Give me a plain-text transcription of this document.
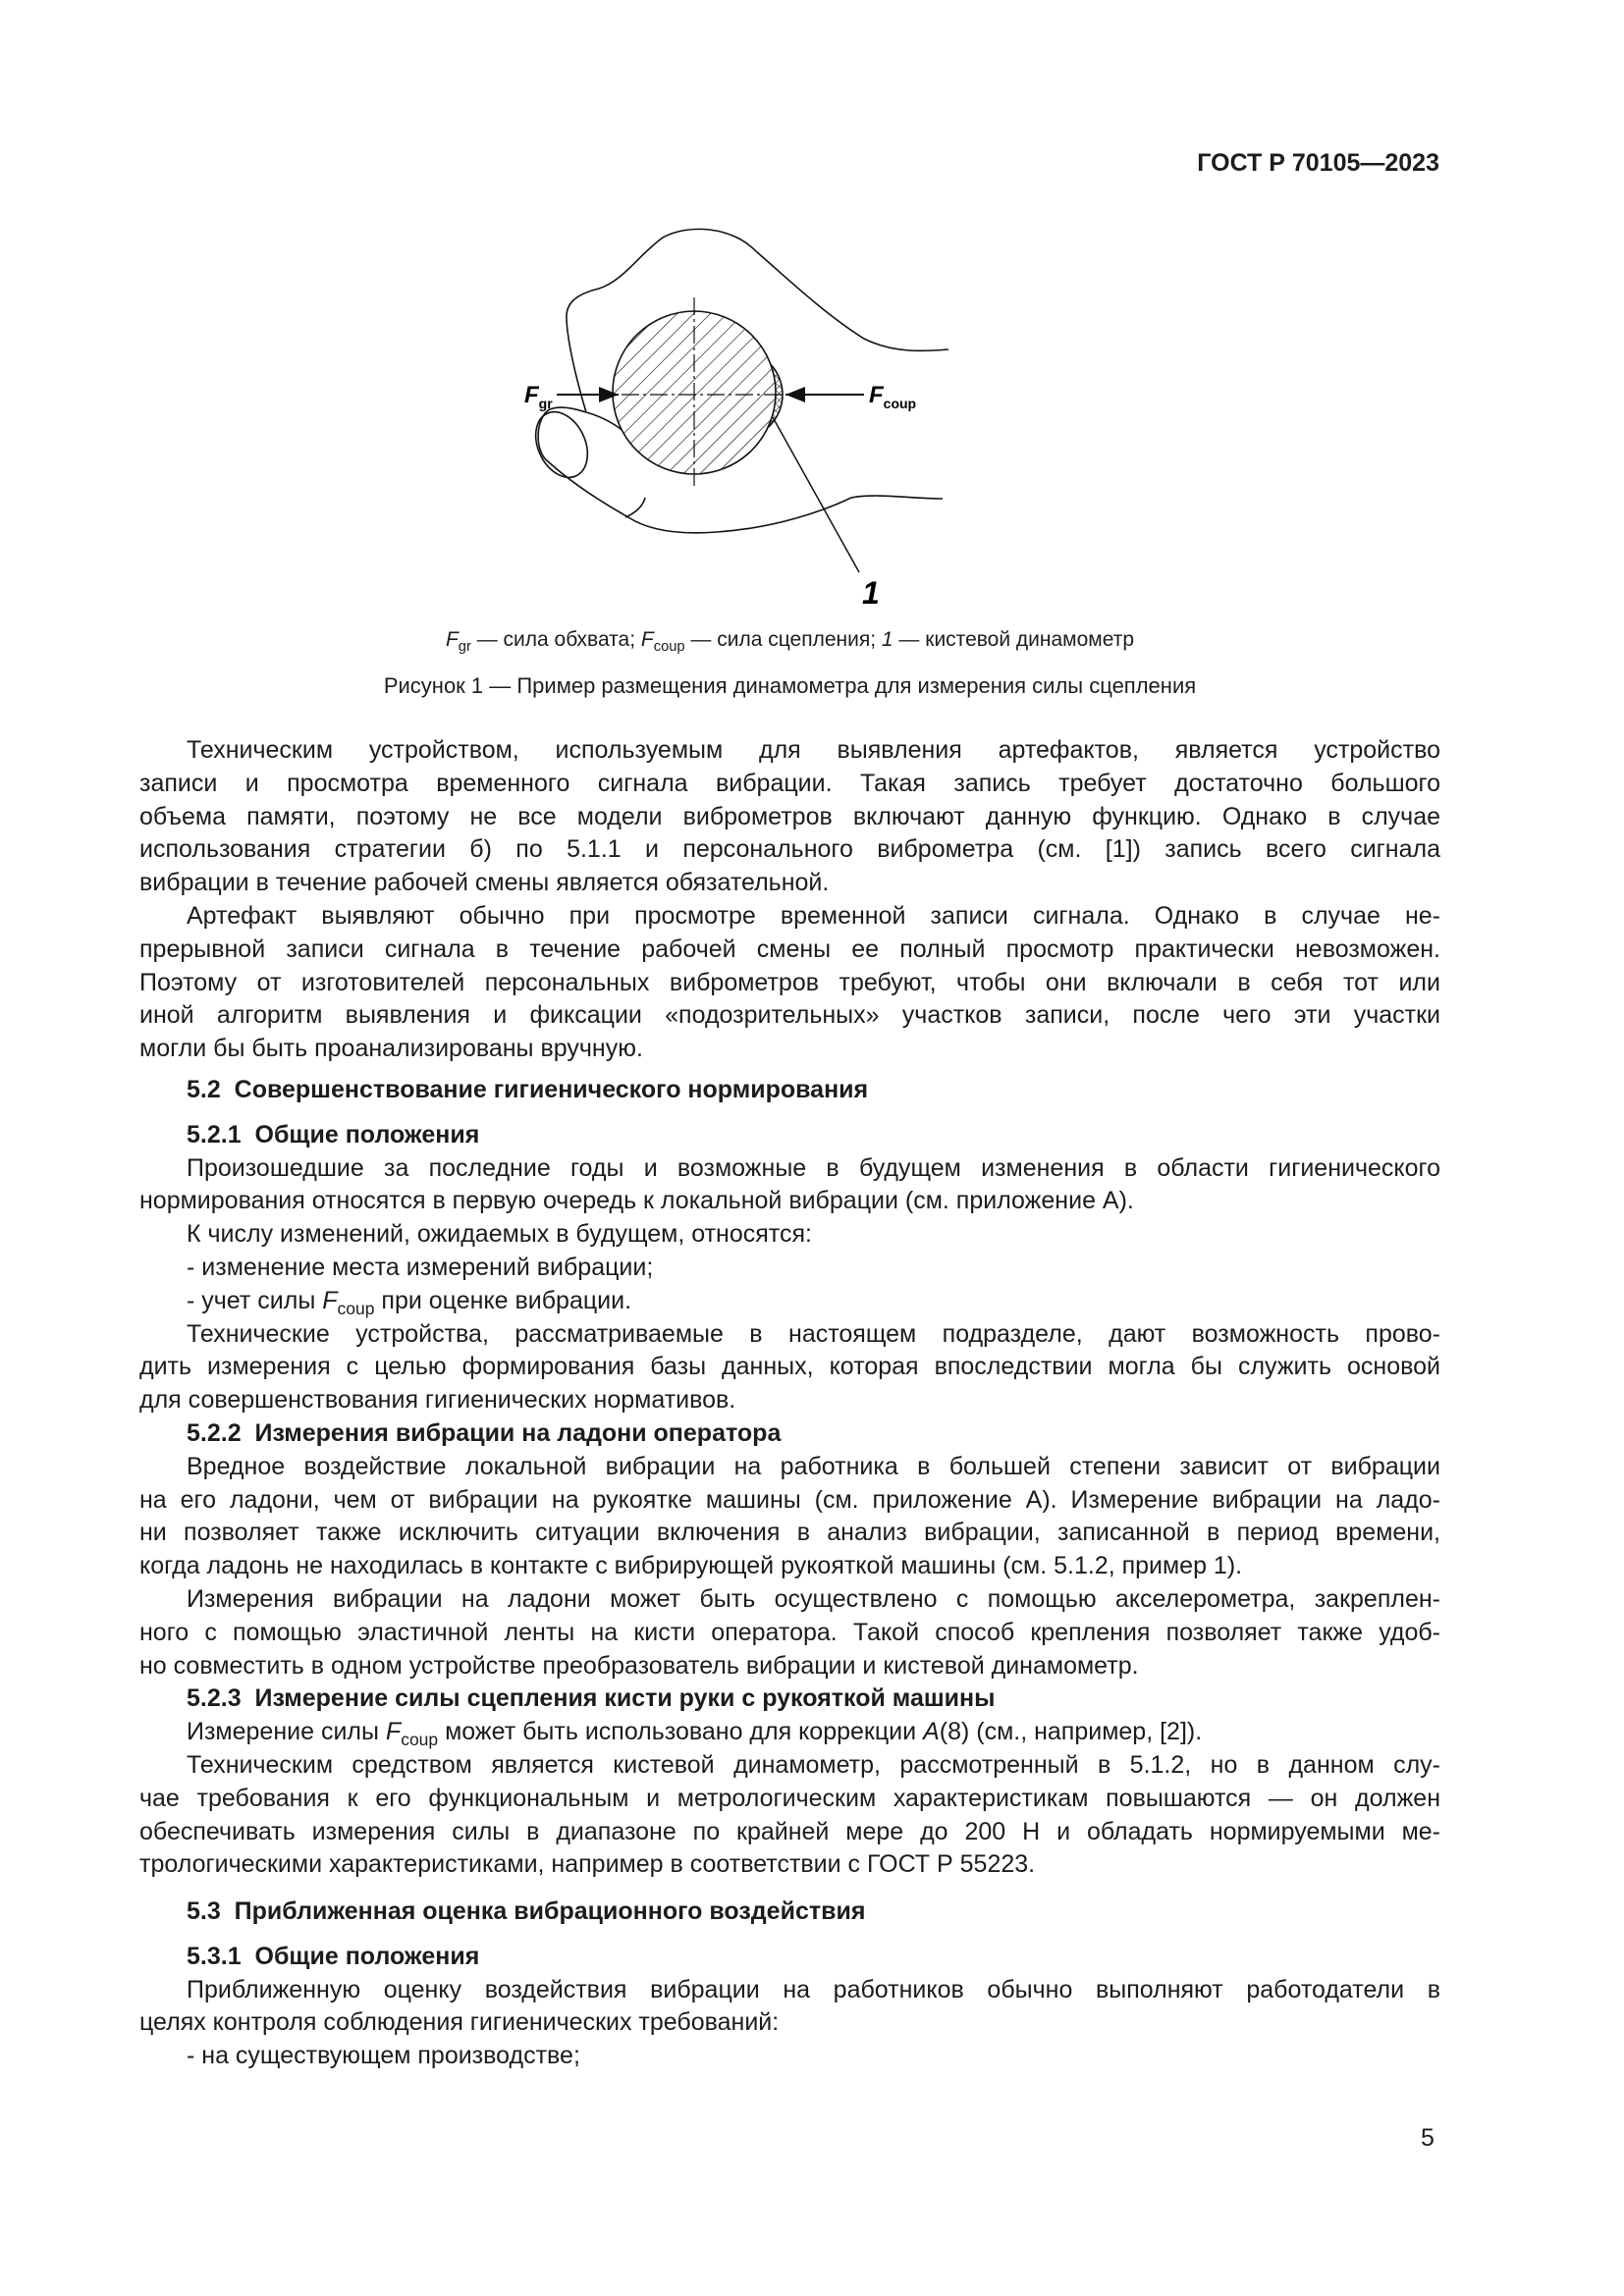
ГОСТ Р 70105—2023
$F_{gr}$	$F_{coup}$
1
$F_{gr}$ — сила обхвата; $F_{coup}$ — сила сцепления; 1 — кистевой динамометр
Рисунок 1 — Пример размещения динамометра для измерения силы сцепления
Техническим устройством, используемым для выявления артефактов, является устройство
записи и просмотра временного сигнала вибрации. Такая запись требует достаточно большого
объема памяти, поэтому не все модели виброметров включают данную функцию. Однако в случае
использования стратегии б) по 5.1.1 и персонального виброметра (см. [1]) запись всего сигнала
вибрации в течение рабочей смены является обязательной.
Артефакт выявляют обычно при просмотре временной записи сигнала. Однако в случае не-
прерывной записи сигнала в течение рабочей смены ее полный просмотр практически невозможен.
Поэтому от изготовителей персональных виброметров требуют, чтобы они включали в себя тот или
иной алгоритм выявления и фиксации «подозрительных» участков записи, после чего эти участки
могли бы быть проанализированы вручную.
5.2  Совершенствование гигиенического нормирования
5.2.1  Общие положения
Произошедшие за последние годы и возможные в будущем изменения в области гигиенического
нормирования относятся в первую очередь к локальной вибрации (см. приложение А).
К числу изменений, ожидаемых в будущем, относятся:
- изменение места измерений вибрации;
- учет силы $F_{coup}$ при оценке вибрации.
Технические устройства, рассматриваемые в настоящем подразделе, дают возможность прово-
дить измерения с целью формирования базы данных, которая впоследствии могла бы служить основой
для совершенствования гигиенических нормативов.
5.2.2  Измерения вибрации на ладони оператора
Вредное воздействие локальной вибрации на работника в большей степени зависит от вибрации
на его ладони, чем от вибрации на рукоятке машины (см. приложение А). Измерение вибрации на ладо-
ни позволяет также исключить ситуации включения в анализ вибрации, записанной в период времени,
когда ладонь не находилась в контакте с вибрирующей рукояткой машины (см. 5.1.2, пример 1).
Измерения вибрации на ладони может быть осуществлено с помощью акселерометра, закреплен-
ного с помощью эластичной ленты на кисти оператора. Такой способ крепления позволяет также удоб-
но совместить в одном устройстве преобразователь вибрации и кистевой динамометр.
5.2.3  Измерение силы сцепления кисти руки с рукояткой машины
Измерение силы $F_{coup}$ может быть использовано для коррекции A(8) (см., например, [2]).
Техническим средством является кистевой динамометр, рассмотренный в 5.1.2, но в данном слу-
чае требования к его функциональным и метрологическим характеристикам повышаются — он должен
обеспечивать измерения силы в диапазоне по крайней мере до 200 Н и обладать нормируемыми ме-
трологическими характеристиками, например в соответствии с ГОСТ Р 55223.
5.3  Приближенная оценка вибрационного воздействия
5.3.1  Общие положения
Приближенную оценку воздействия вибрации на работников обычно выполняют работодатели в
целях контроля соблюдения гигиенических требований:
- на существующем производстве;
5
